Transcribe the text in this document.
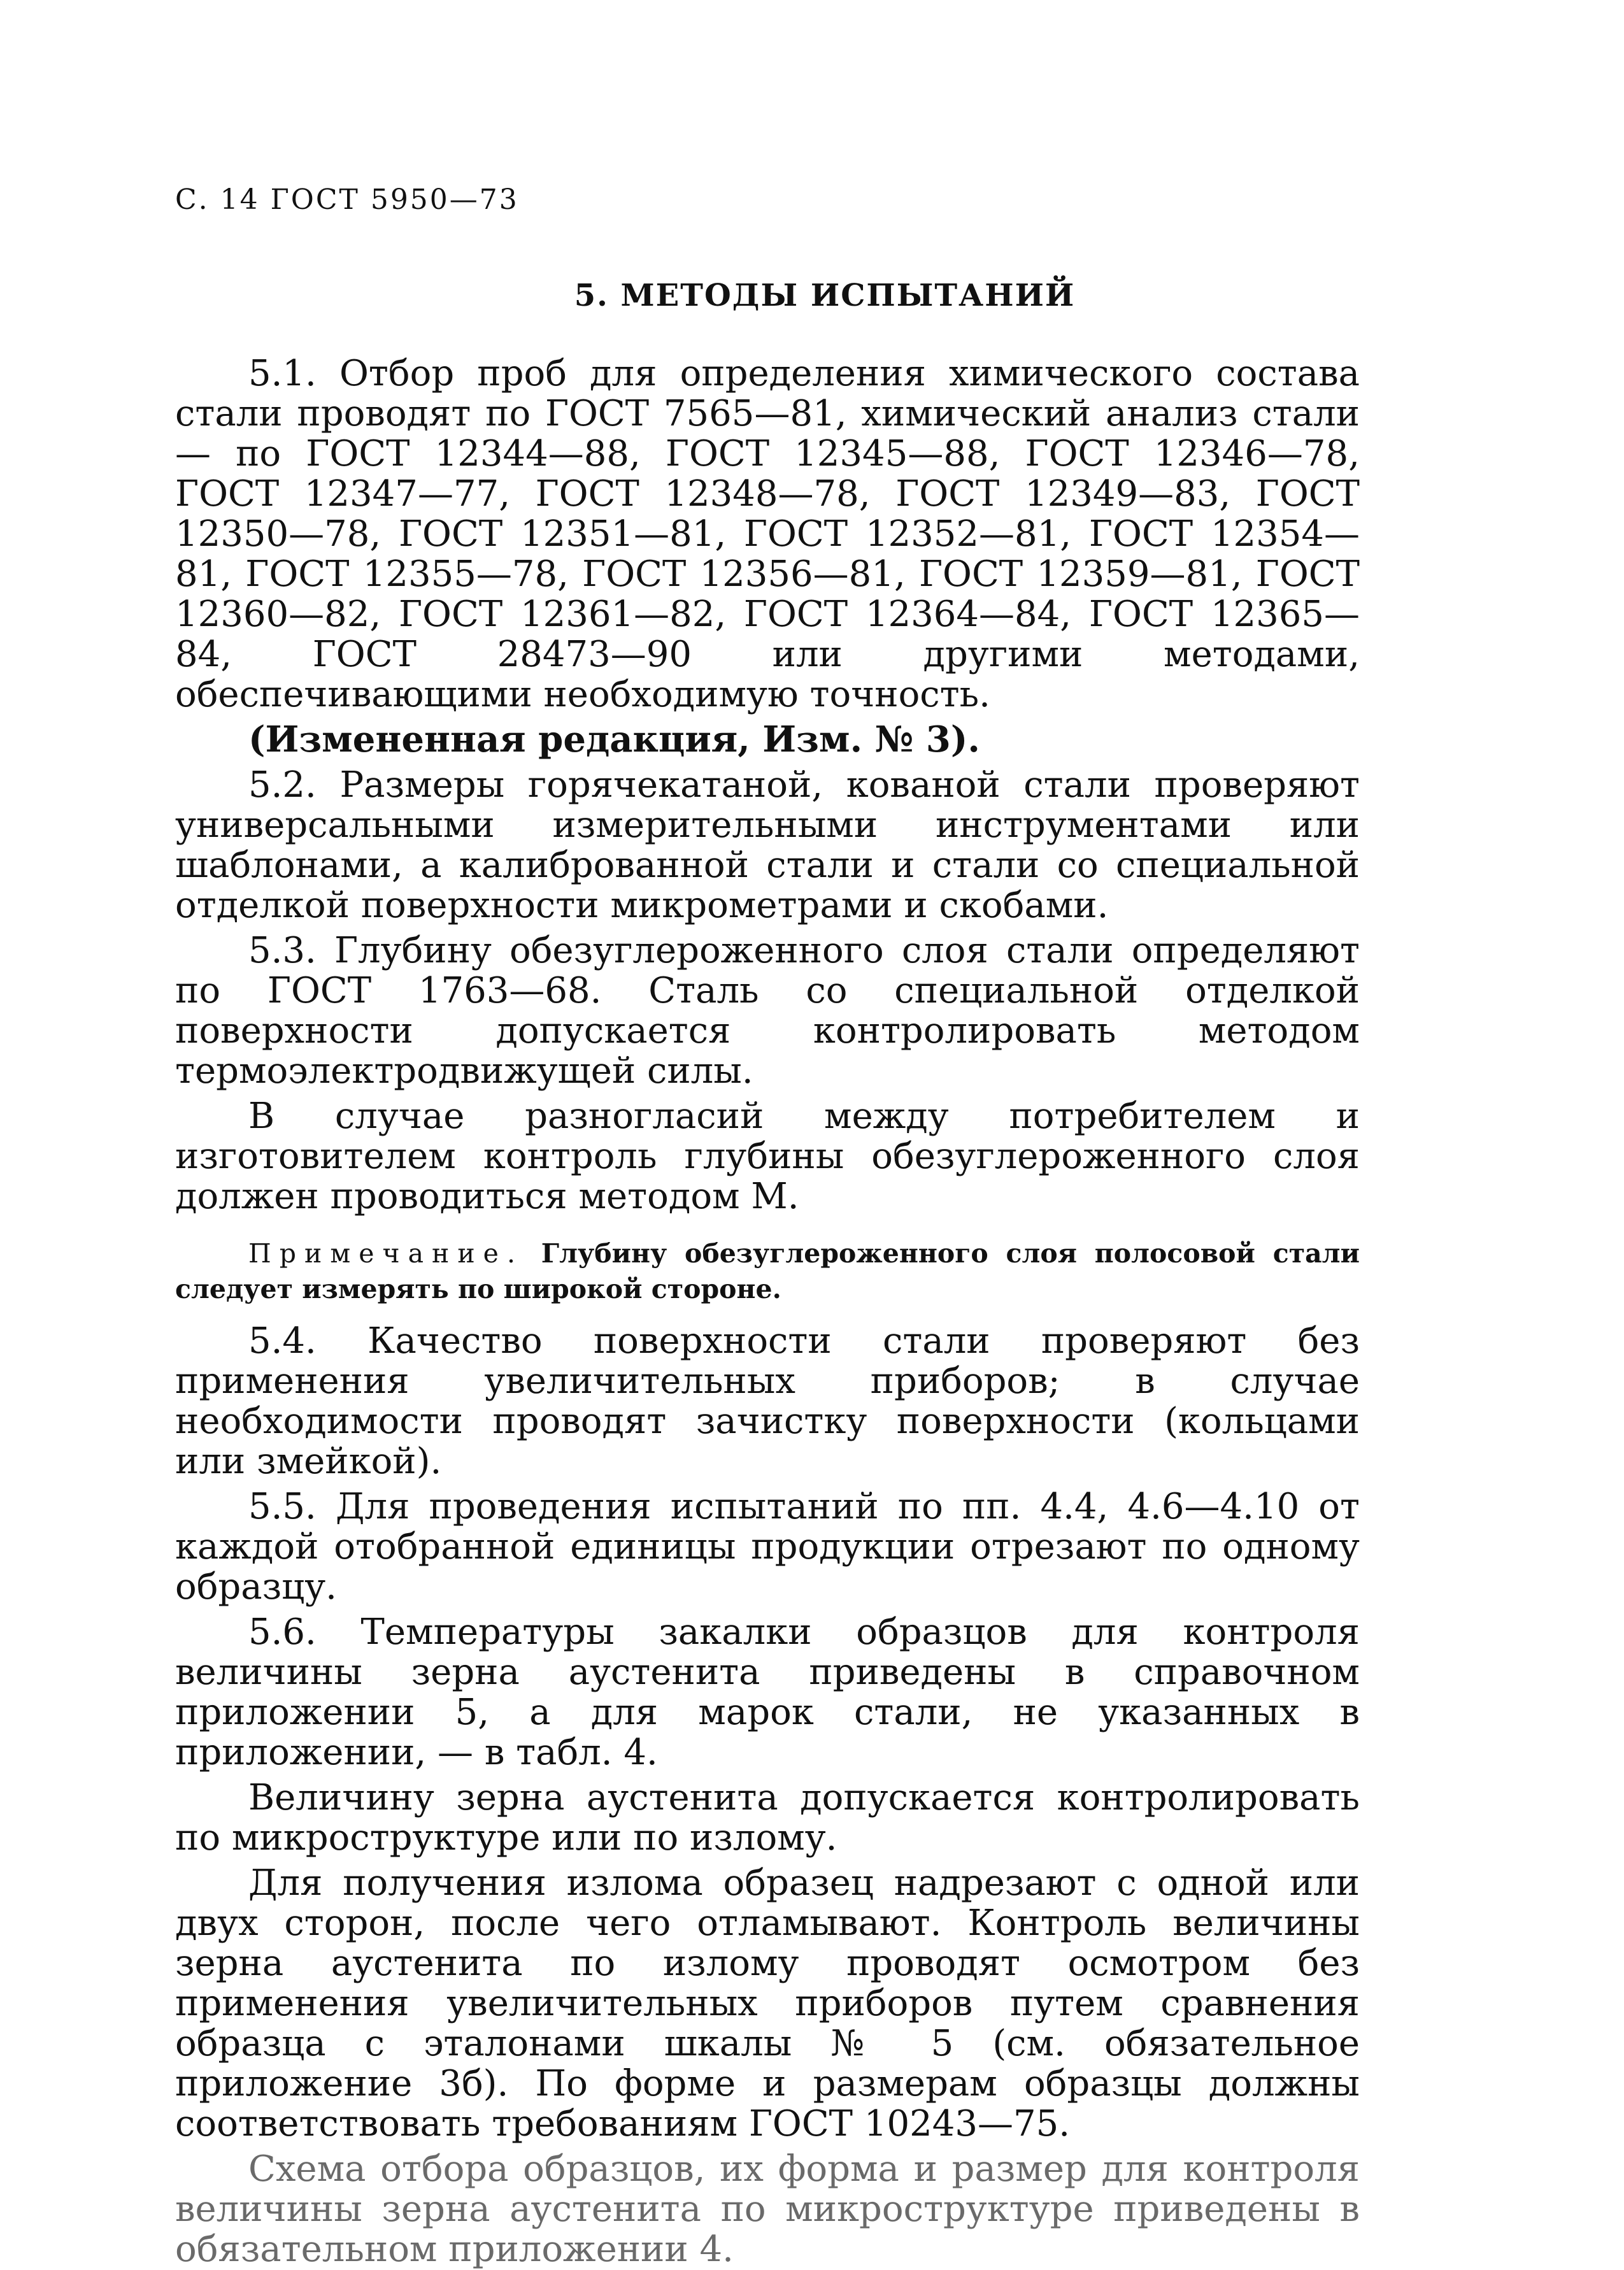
С. 14 ГОСТ 5950—73
5. МЕТОДЫ ИСПЫТАНИЙ

5.1. Отбор проб для определения химического состава стали проводят по ГОСТ 7565—81, химический анализ стали — по ГОСТ 12344—88, ГОСТ 12345—88, ГОСТ 12346—78, ГОСТ 12347—77, ГОСТ 12348—78, ГОСТ 12349—83, ГОСТ 12350—78, ГОСТ 12351—81, ГОСТ 12352—81, ГОСТ 12354—81, ГОСТ 12355—78, ГОСТ 12356—81, ГОСТ 12359—81, ГОСТ 12360—82, ГОСТ 12361—82, ГОСТ 12364—84, ГОСТ 12365—84, ГОСТ 28473—90 или другими методами, обеспечивающими необходимую точность.

(Измененная редакция, Изм. № 3).

5.2. Размеры горячекатаной, кованой стали проверяют универсальными измерительными инструментами или шаблонами, а калиброванной стали и стали со специальной отделкой поверхности микрометрами и скобами.

5.3. Глубину обезуглероженного слоя стали определяют по ГОСТ 1763—68. Сталь со специальной отделкой поверхности допускается контролировать методом термоэлектродвижущей силы.

В случае разногласий между потребителем и изготовителем контроль глубины обезуглероженного слоя должен проводиться методом М.

Примечание. Глубину обезуглероженного слоя полосовой стали следует измерять по широкой стороне.

5.4. Качество поверхности стали проверяют без применения увеличительных приборов; в случае необходимости проводят зачистку поверхности (кольцами или змейкой).

5.5. Для проведения испытаний по пп. 4.4, 4.6—4.10 от каждой отобранной единицы продукции отрезают по одному образцу.

5.6. Температуры закалки образцов для контроля величины зерна аустенита приведены в справочном приложении 5, а для марок стали, не указанных в приложении, — в табл. 4.

Величину зерна аустенита допускается контролировать по микроструктуре или по излому.

Для получения излома образец надрезают с одной или двух сторон, после чего отламывают. Контроль величины зерна аустенита по излому проводят осмотром без применения увеличительных приборов путем сравнения образца с эталонами шкалы № 5 (см. обязательное приложение 3б). По форме и размерам образцы должны соответствовать требованиям ГОСТ 10243—75.

Схема отбора образцов, их форма и размер для контроля величины зерна аустенита по микроструктуре приведены в обязательном приложении 4.
